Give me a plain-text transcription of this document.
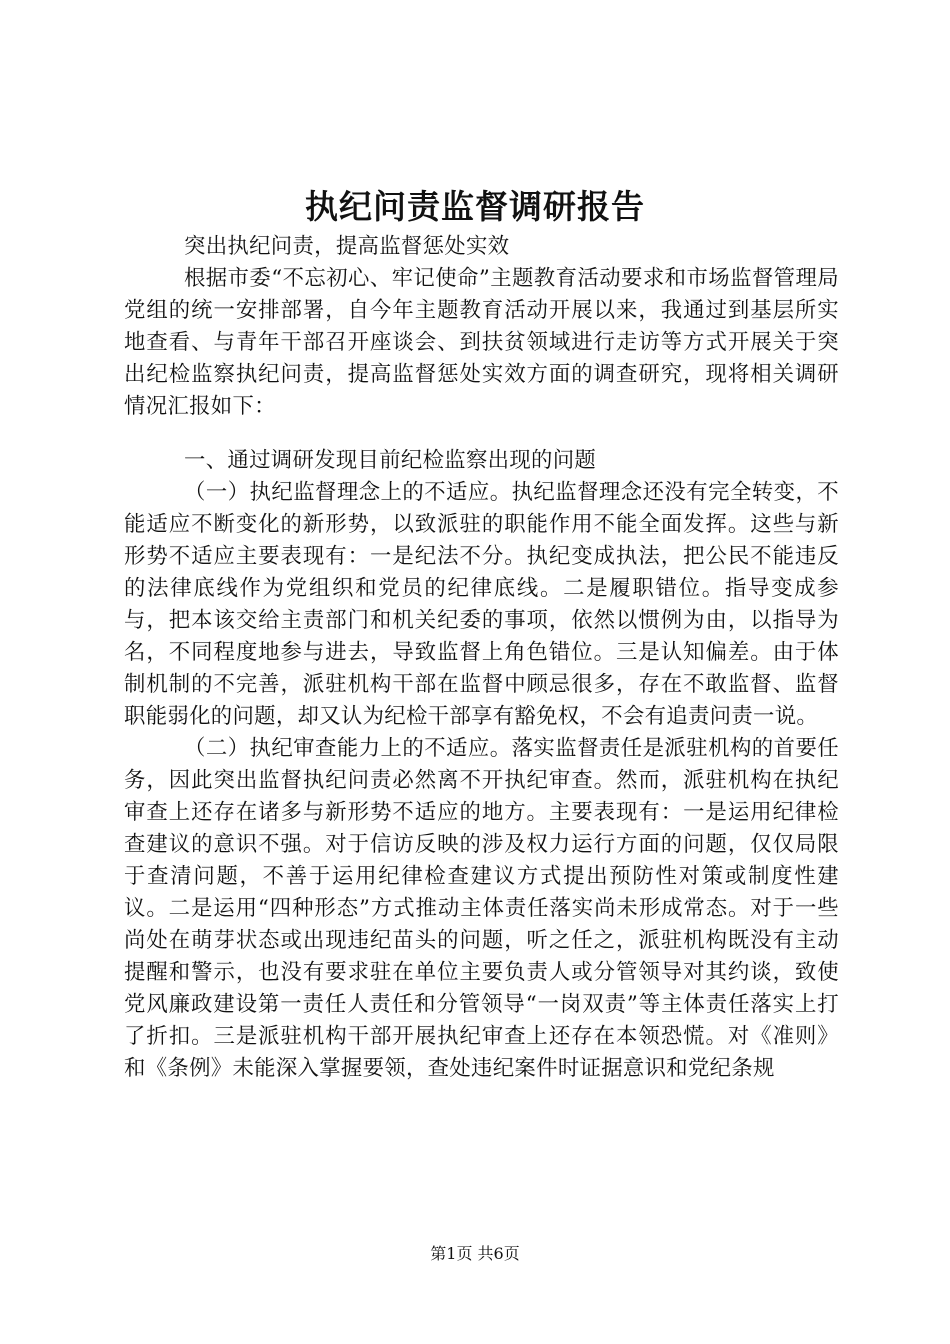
执纪问责监督调研报告

突出执纪问责，提高监督惩处实效

根据市委“不忘初心、牢记使命”主题教育活动要求和市场监督管理局党组的统一安排部署，自今年主题教育活动开展以来，我通过到基层所实地查看、与青年干部召开座谈会、到扶贫领域进行走访等方式开展关于突出纪检监察执纪问责，提高监督惩处实效方面的调查研究，现将相关调研情况汇报如下：

一、通过调研发现目前纪检监察出现的问题

（一）执纪监督理念上的不适应。执纪监督理念还没有完全转变，不能适应不断变化的新形势，以致派驻的职能作用不能全面发挥。这些与新形势不适应主要表现有：一是纪法不分。执纪变成执法，把公民不能违反的法律底线作为党组织和党员的纪律底线。二是履职错位。指导变成参与，把本该交给主责部门和机关纪委的事项，依然以惯例为由，以指导为名，不同程度地参与进去，导致监督上角色错位。三是认知偏差。由于体制机制的不完善，派驻机构干部在监督中顾忌很多，存在不敢监督、监督职能弱化的问题，却又认为纪检干部享有豁免权，不会有追责问责一说。

（二）执纪审查能力上的不适应。落实监督责任是派驻机构的首要任务，因此突出监督执纪问责必然离不开执纪审查。然而，派驻机构在执纪审查上还存在诸多与新形势不适应的地方。主要表现有：一是运用纪律检查建议的意识不强。对于信访反映的涉及权力运行方面的问题，仅仅局限于查清问题，不善于运用纪律检查建议方式提出预防性对策或制度性建议。二是运用“四种形态”方式推动主体责任落实尚未形成常态。对于一些尚处在萌芽状态或出现违纪苗头的问题，听之任之，派驻机构既没有主动提醒和警示，也没有要求驻在单位主要负责人或分管领导对其约谈，致使党风廉政建设第一责任人责任和分管领导“一岗双责”等主体责任落实上打了折扣。三是派驻机构干部开展执纪审查上还存在本领恐慌。对《准则》和《条例》未能深入掌握要领，查处违纪案件时证据意识和党纪条规

第1页 共6页
